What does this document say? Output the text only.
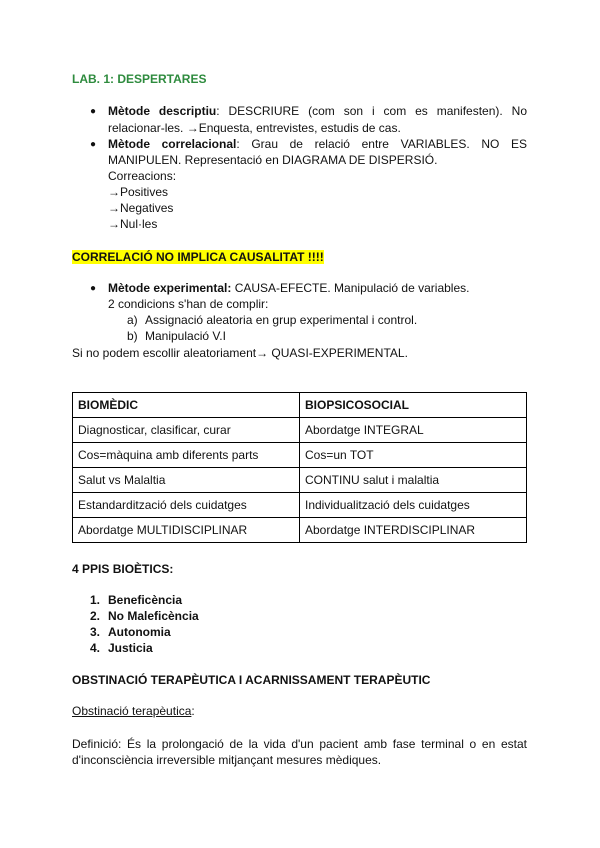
LAB. 1: DESPERTARES
● Mètode descriptiu: DESCRIURE (com son i com es manifesten). No
relacionar-les. →Enquesta, entrevistes, estudis de cas.
● Mètode correlacional: Grau de relació entre VARIABLES. NO ES
MANIPULEN. Representació en DIAGRAMA DE DISPERSIÓ.
Correacions:
→Positives
→Negatives
→Nul·les
CORRELACIÓ NO IMPLICA CAUSALITAT !!!!
● Mètode experimental: CAUSA-EFECTE. Manipulació de variables.
2 condicions s'han de complir:
a) Assignació aleatoria en grup experimental i control.
b) Manipulació V.I
Si no podem escollir aleatoriament→ QUASI-EXPERIMENTAL.
BIOMÈDIC	BIOPSICOSOCIAL
Diagnosticar, clasificar, curar	Abordatge INTEGRAL
Cos=màquina amb diferents parts	Cos=un TOT
Salut vs Malaltia	CONTINU salut i malaltia
Estandardització dels cuidatges	Individualització dels cuidatges
Abordatge MULTIDISCIPLINAR	Abordatge INTERDISCIPLINAR
4 PPIS BIOÈTICS:
1. Beneficència
2. No Maleficència
3. Autonomia
4. Justicia
OBSTINACIÓ TERAPÈUTICA I ACARNISSAMENT TERAPÈUTIC
Obstinació terapèutica:
Definició: És la prolongació de la vida d'un pacient amb fase terminal o en estat
d'inconsciència irreversible mitjançant mesures mèdiques.
